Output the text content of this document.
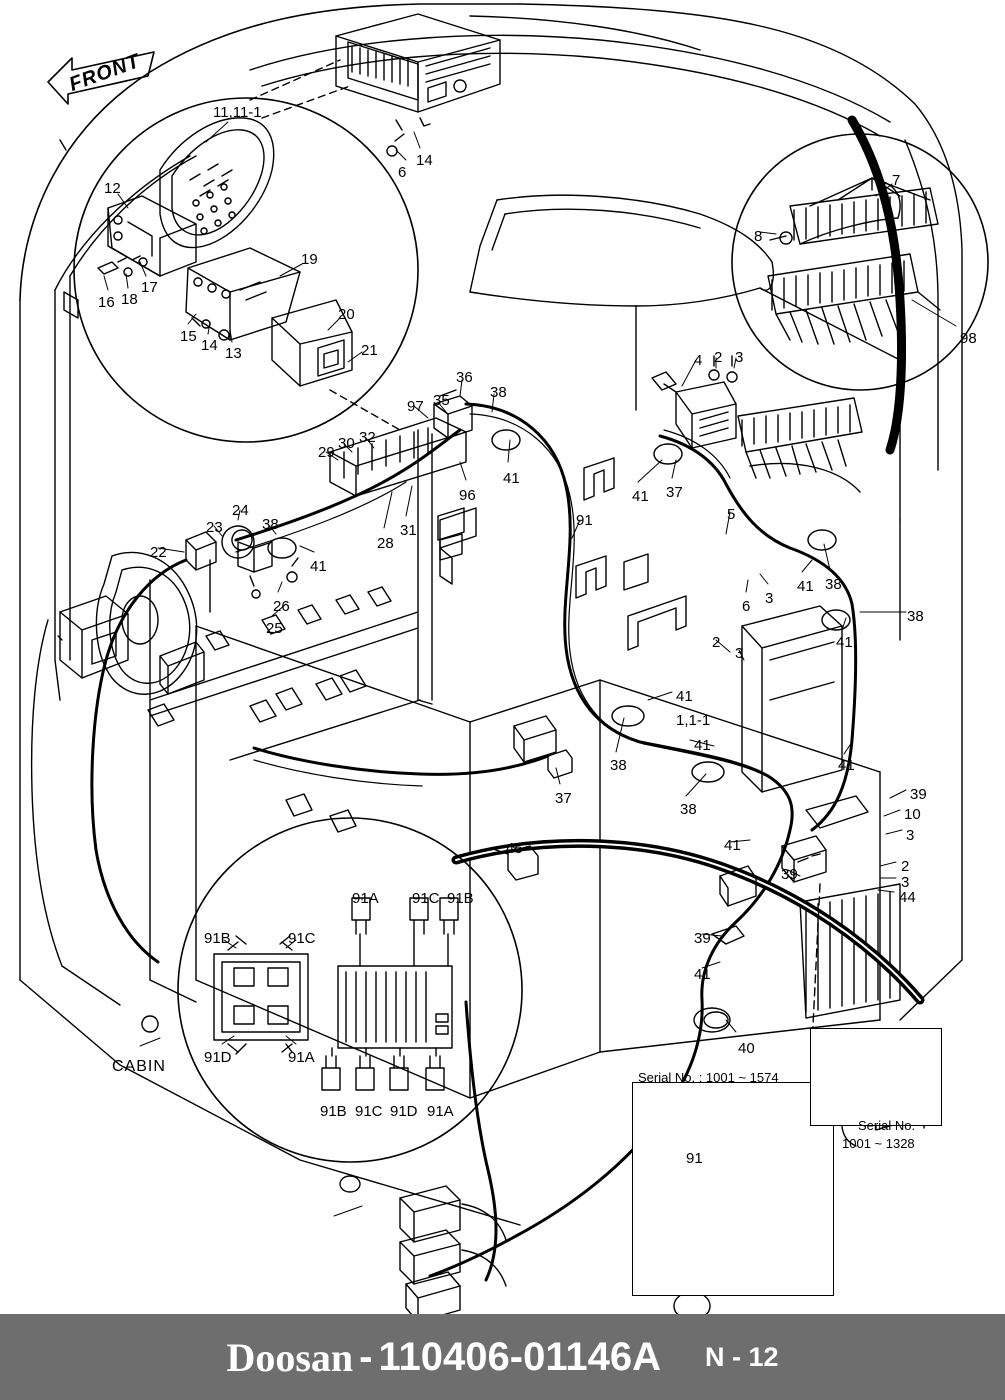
FRONT
CABIN
Serial No. : 1001 ~ 1574
Serial No.
1001 ~ 1328
11,11-1
12
16 18
17
19
15
14 13
20
21
6
14
7
8
98
4 2 3
36
38
97 35
29
30 32
41
96
28
31
41 37
5
91
24
23	38
22
41
26
25
6 3
41 38
38
41
2
3
41
1,1-1
41
38
37
38
41
39
10
3
41
2
3
44
39
45
39
41
40
91
91A 91C 91B
91B 91C 91D 91A
91B	91C
91D	91A
Doosan - 110406-01146A N - 12
